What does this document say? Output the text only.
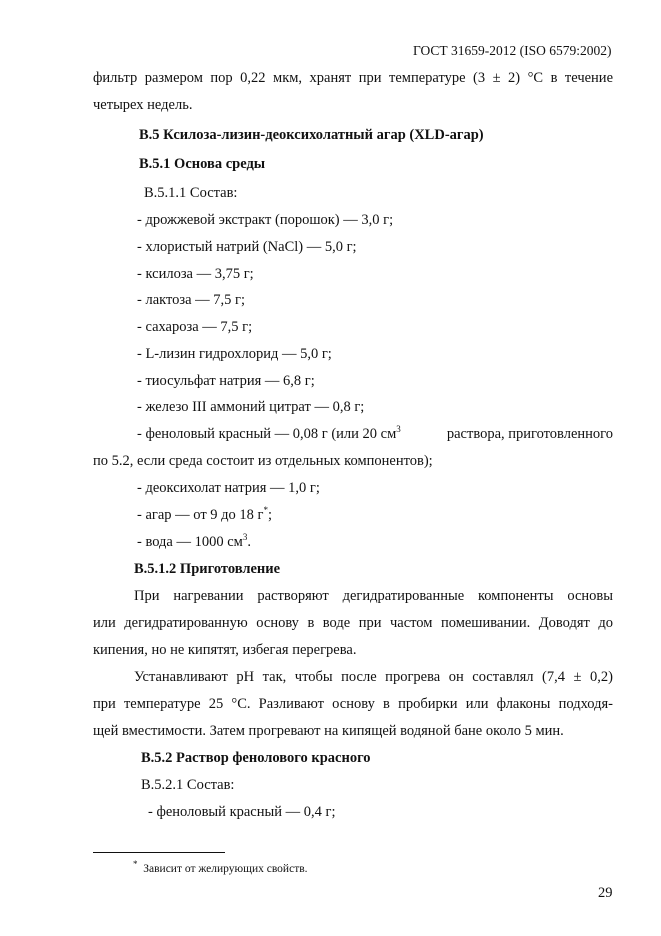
ГОСТ 31659-2012 (ISO 6579:2002)
фильтр размером пор 0,22 мкм, хранят при температуре (3 ± 2) °С в течение
четырех недель.
В.5 Ксилоза-лизин-деоксихолатный агар (XLD-агар)
В.5.1 Основа среды
В.5.1.1 Состав:
- дрожжевой экстракт (порошок) — 3,0 г;
- хлористый натрий (NaCl) — 5,0 г;
- ксилоза — 3,75 г;
- лактоза — 7,5 г;
- сахароза — 7,5 г;
- L-лизин гидрохлорид — 5,0 г;
- тиосульфат натрия — 6,8 г;
- железо III аммоний цитрат — 0,8 г;
- феноловый красный — 0,08 г (или 20 $см^3$	раствора, приготовленного
по 5.2, если среда состоит из отдельных компонентов);
- деоксихолат натрия — 1,0 г;
- агар — от 9 до 18 г*;
- вода — 1000 $см^3$.
В.5.1.2 Приготовление
При нагревании растворяют дегидратированные компоненты основы
или дегидратированную основу в воде при частом помешивании. Доводят до
кипения, но не кипятят, избегая перегрева.
Устанавливают рН так, чтобы после прогрева он составлял (7,4 ± 0,2)
при температуре 25 °С. Разливают основу в пробирки или флаконы подходя-
щей вместимости. Затем прогревают на кипящей водяной бане около 5 мин.
В.5.2 Раствор фенолового красного
В.5.2.1 Состав:
- феноловый красный — 0,4 г;
* Зависит от желирующих свойств.
29
